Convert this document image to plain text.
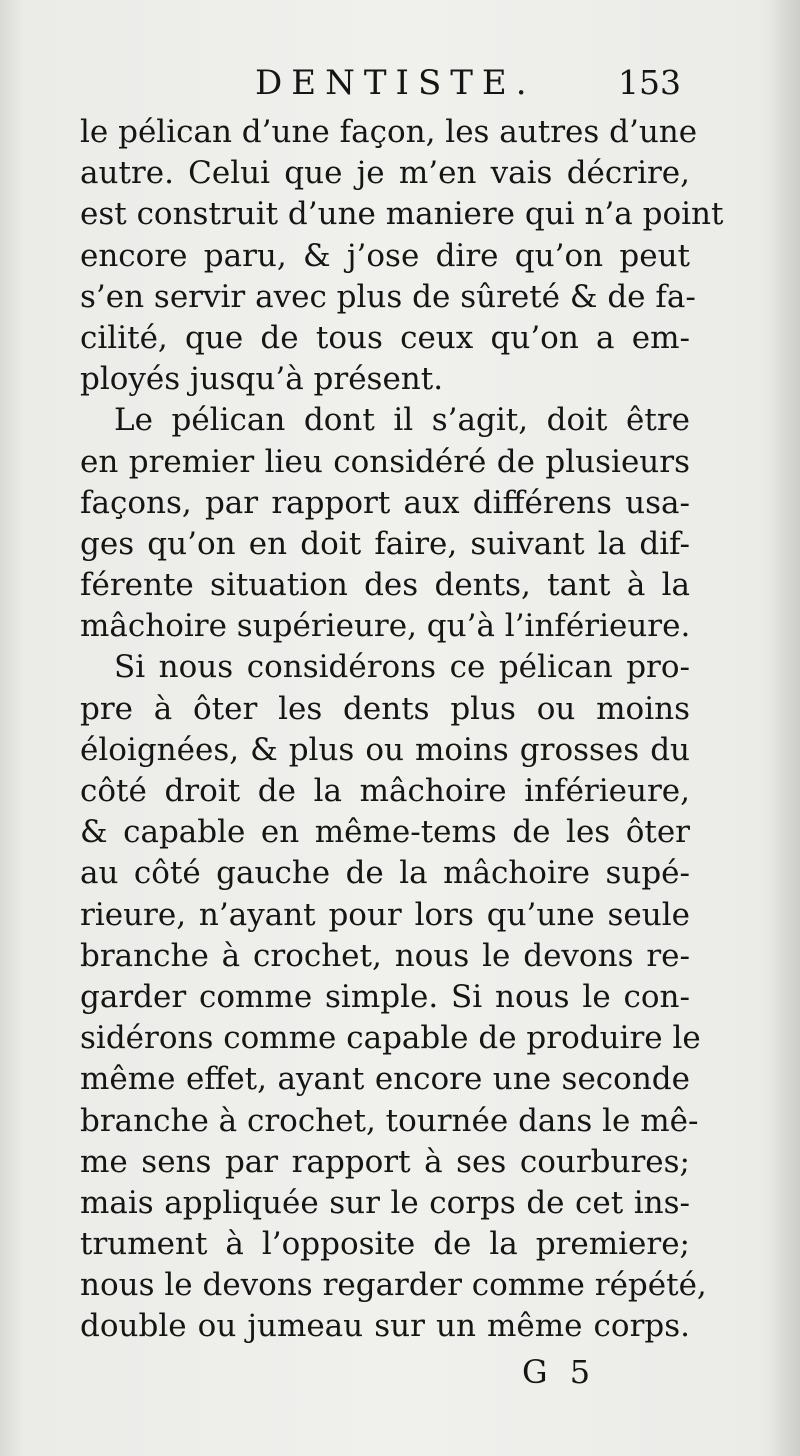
DENTISTE. 153
le pélican d’une façon, les autres d’une
autre. Celui que je m’en vais décrire,
est construit d’une maniere qui n’a point
encore paru, & j’ose dire qu’on peut
s’en servir avec plus de sûreté & de fa-
cilité, que de tous ceux qu’on a em-
ployés jusqu’à présent.
Le pélican dont il s’agit, doit être
en premier lieu considéré de plusieurs
façons, par rapport aux différens usa-
ges qu’on en doit faire, suivant la dif-
férente situation des dents, tant à la
mâchoire supérieure, qu’à l’inférieure.
Si nous considérons ce pélican pro-
pre à ôter les dents plus ou moins
éloignées, & plus ou moins grosses du
côté droit de la mâchoire inférieure,
& capable en même-tems de les ôter
au côté gauche de la mâchoire supé-
rieure, n’ayant pour lors qu’une seule
branche à crochet, nous le devons re-
garder comme simple. Si nous le con-
sidérons comme capable de produire le
même effet, ayant encore une seconde
branche à crochet, tournée dans le mê-
me sens par rapport à ses courbures;
mais appliquée sur le corps de cet ins-
trument à l’opposite de la premiere;
nous le devons regarder comme répété,
double ou jumeau sur un même corps.
G 5
